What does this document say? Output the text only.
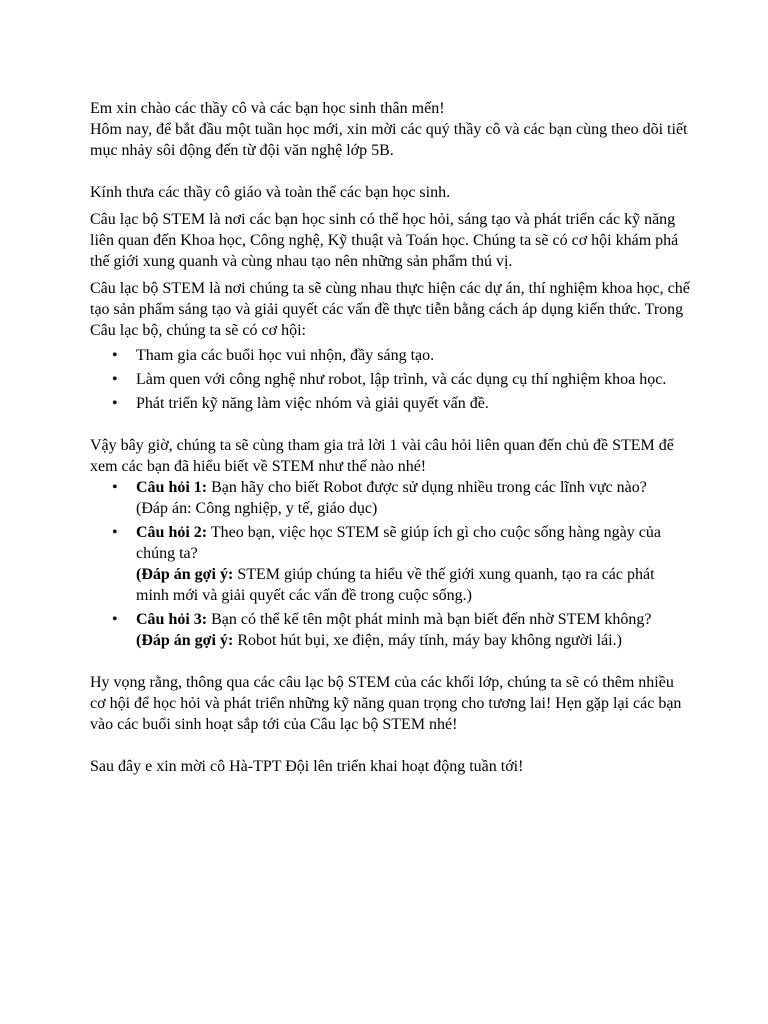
Em xin chào các thầy cô và các bạn học sinh thân mến!

Hôm nay, để bắt đầu một tuần học mới, xin mời các quý thầy cô và các bạn cùng theo dõi tiết mục nhảy sôi động đến từ đội văn nghệ lớp 5B.

Kính thưa các thầy cô giáo và toàn thể các bạn học sinh.

Câu lạc bộ STEM là nơi các bạn học sinh có thể học hỏi, sáng tạo và phát triển các kỹ năng liên quan đến Khoa học, Công nghệ, Kỹ thuật và Toán học. Chúng ta sẽ có cơ hội khám phá thế giới xung quanh và cùng nhau tạo nên những sản phẩm thú vị.

Câu lạc bộ STEM là nơi chúng ta sẽ cùng nhau thực hiện các dự án, thí nghiệm khoa học, chế tạo sản phẩm sáng tạo và giải quyết các vấn đề thực tiễn bằng cách áp dụng kiến thức. Trong Câu lạc bộ, chúng ta sẽ có cơ hội:

• Tham gia các buổi học vui nhộn, đầy sáng tạo.
• Làm quen với công nghệ như robot, lập trình, và các dụng cụ thí nghiệm khoa học.
• Phát triển kỹ năng làm việc nhóm và giải quyết vấn đề.

Vậy bây giờ, chúng ta sẽ cùng tham gia trả lời 1 vài câu hỏi liên quan đến chủ đề STEM để xem các bạn đã hiểu biết về STEM như thế nào nhé!

• Câu hỏi 1: Bạn hãy cho biết Robot được sử dụng nhiều trong các lĩnh vực nào?
(Đáp án: Công nghiệp, y tế, giáo dục)
• Câu hỏi 2: Theo bạn, việc học STEM sẽ giúp ích gì cho cuộc sống hàng ngày của chúng ta?
(Đáp án gợi ý: STEM giúp chúng ta hiểu về thế giới xung quanh, tạo ra các phát minh mới và giải quyết các vấn đề trong cuộc sống.)
• Câu hỏi 3: Bạn có thể kể tên một phát minh mà bạn biết đến nhờ STEM không?
(Đáp án gợi ý: Robot hút bụi, xe điện, máy tính, máy bay không người lái.)

Hy vọng rằng, thông qua các câu lạc bộ STEM của các khối lớp, chúng ta sẽ có thêm nhiều cơ hội để học hỏi và phát triển những kỹ năng quan trọng cho tương lai! Hẹn gặp lại các bạn vào các buổi sinh hoạt sắp tới của Câu lạc bộ STEM nhé!

Sau đây e xin mời cô Hà-TPT Đội lên triển khai hoạt động tuần tới!
